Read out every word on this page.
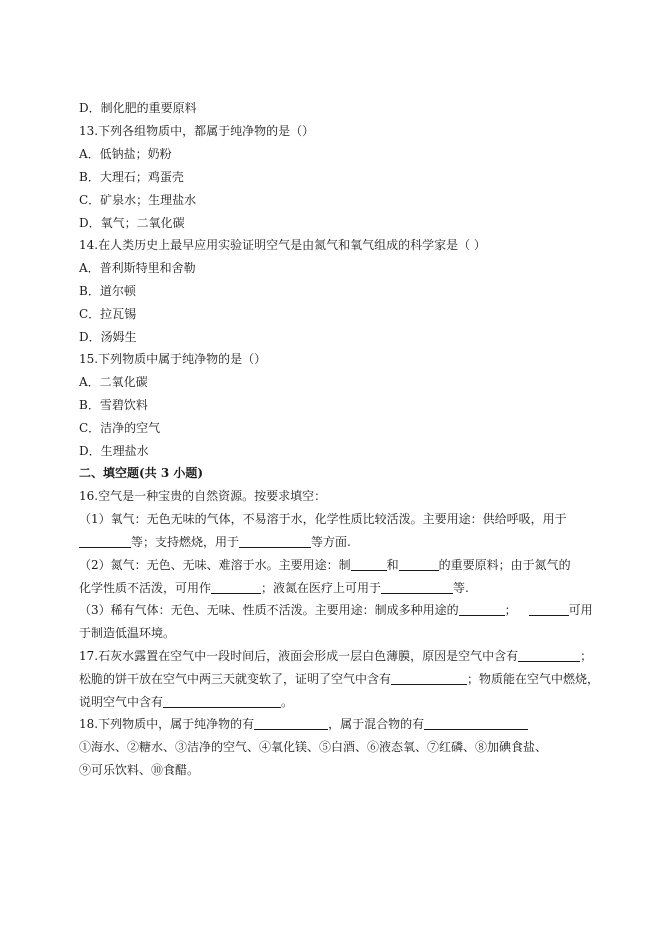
D．制化肥的重要原料
13.下列各组物质中，都属于纯净物的是（）
A．低钠盐；奶粉
B．大理石；鸡蛋壳
C．矿泉水；生理盐水
D．氧气；二氧化碳
14.在人类历史上最早应用实验证明空气是由氮气和氧气组成的科学家是（ ）
A．普利斯特里和舍勒
B．道尔顿
C．拉瓦锡
D．汤姆生
15.下列物质中属于纯净物的是（）
A．二氧化碳
B．雪碧饮料
C．洁净的空气
D．生理盐水
二、填空题(共 3 小题)
16.空气是一种宝贵的自然资源。按要求填空：
（1）氧气：无色无味的气体，不易溶于水，化学性质比较活泼。主要用途：供给呼吸，用于
等；支持燃烧，用于	等方面.
（2）氮气：无色、无味、难溶于水。主要用途：制	和	的重要原料；由于氮气的
化学性质不活泼，可用作	；液氮在医疗上可用于	等.
（3）稀有气体：无色、无味、性质不活泼。主要用途：制成多种用途的	；	可用
于制造低温环境。
17.石灰水露置在空气中一段时间后，液面会形成一层白色薄膜，原因是空气中含有	；
松脆的饼干放在空气中两三天就变软了，证明了空气中含有	；物质能在空气中燃烧，
说明空气中含有	。
18.下列物质中，属于纯净物的有	，属于混合物的有
①海水、②糖水、③洁净的空气、④氧化镁、⑤白酒、⑥液态氧、⑦红磷、⑧加碘食盐、
⑨可乐饮料、⑩食醋。
